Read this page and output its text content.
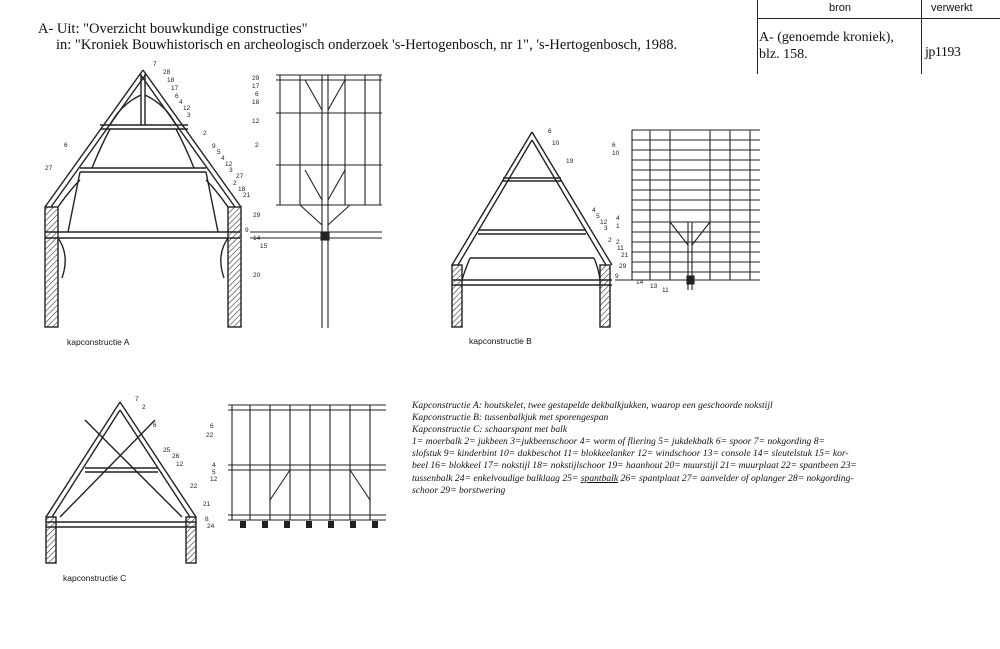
A- Uit: "Overzicht bouwkundige constructies"
in: "Kroniek Bouwhistorisch en archeologisch onderzoek 's-Hertogenbosch, nr 1", 's-Hertogenbosch, 1988.
bron	verwerkt
A- (genoemde kroniek),
blz. 158.	jp1193
7
28
18
17
6
4
12
3
6
2
9
5
4
12
3
27
2
18
21
27
29
9
14
15
20
29
17
6
18
12
2
6
10
19
4
5
12
3
2
11
21
29
9
14
13
11
6
10
4
1
2
7
2
6
25
26
12
22
21
8
24
6
22
4
5
12
kapconstructie A	kapconstructie B
kapconstructie C
Kapconstructie A: houtskelet, twee gestapelde dekbalkjukken, waarop een geschoorde nokstijl
Kapconstructie B: tussenbalkjuk met sporengespan
Kapconstructie C: schaarspant met balk
1= moerbalk 2= jukbeen 3=jukbeenschoor 4= worm of fliering 5= jukdekbalk 6= spoor 7= nokgording 8=
slofstuk 9= kinderbint 10= dakbeschot 11= blokkeelanker 12= windschoor 13= console 14= sleutelstuk 15= kor-
beel 16= blokkeel 17= nokstijl 18= nokstijlschoor 19= haanhout 20= muurstijl 21= muurplaat 22= spantbeen 23=
tussenbalk 24= enkelvoudige balklaag 25= spantbalk 26= spantplaat 27= aanvelder of oplanger 28= nokgording-
schoor 29= borstwering
